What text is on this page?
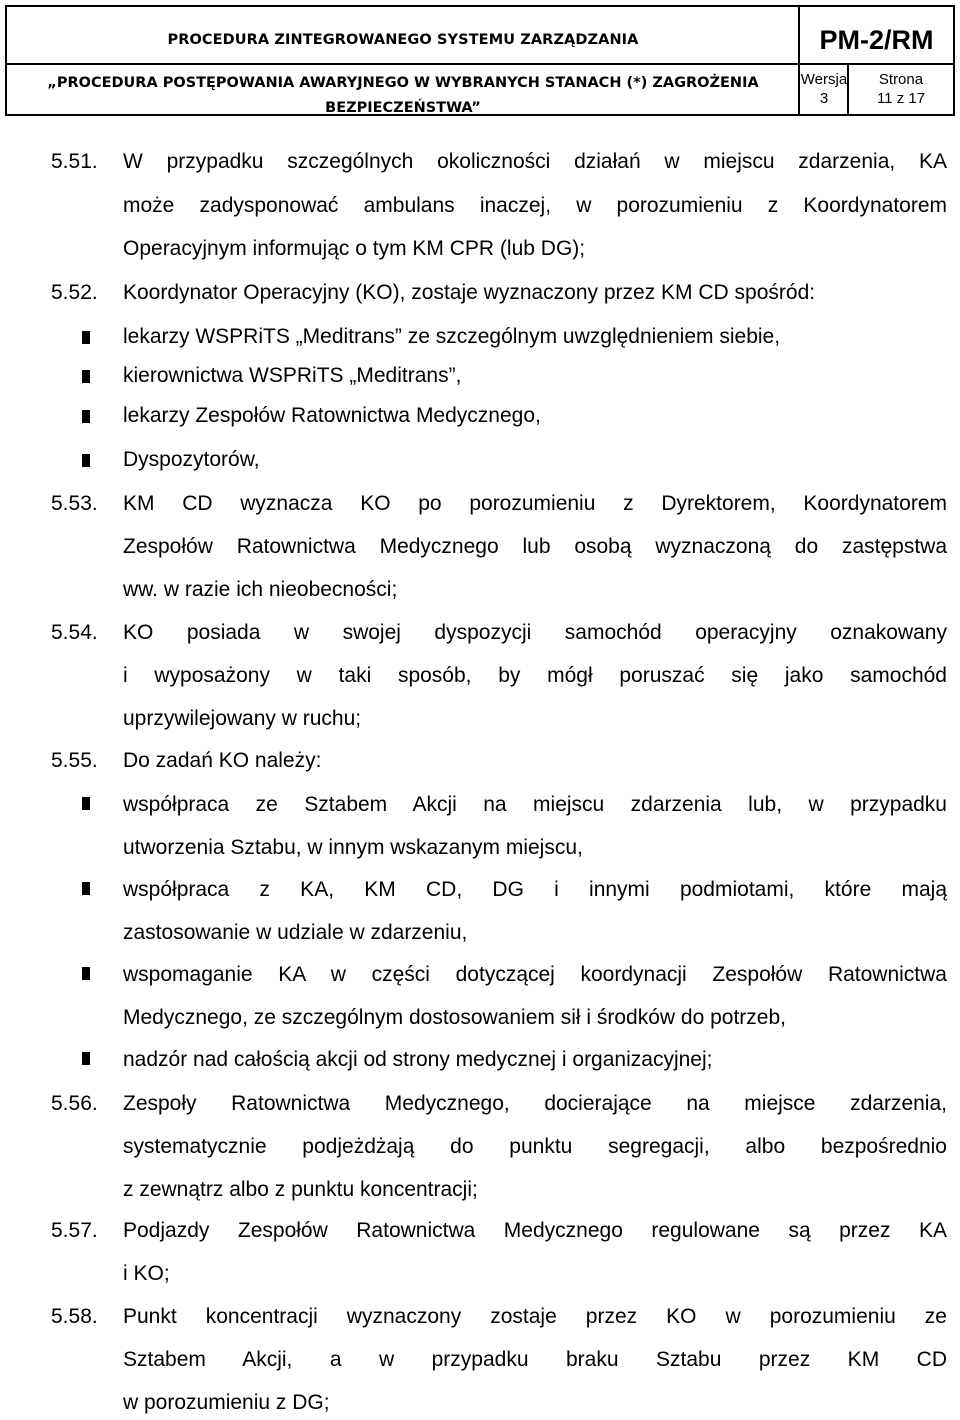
PROCEDURA ZINTEGROWANEGO SYSTEMU ZARZĄDZANIA	PM-2/RM
„PROCEDURA POSTĘPOWANIA AWARYJNEGO W WYBRANYCH STANACH (*) ZAGROŻENIA
BEZPIECZEŃSTWA”
Wersja
3
Strona
11 z 17
5.51. W przypadku szczególnych okoliczności działań w miejscu zdarzenia, KA
może zadysponować ambulans inaczej, w porozumieniu z Koordynatorem
Operacyjnym informując o tym KM CPR (lub DG);
5.52. Koordynator Operacyjny (KO), zostaje wyznaczony przez KM CD spośród:
lekarzy WSPRiTS „Meditrans” ze szczególnym uwzględnieniem siebie,
kierownictwa WSPRiTS „Meditrans”,
lekarzy Zespołów Ratownictwa Medycznego,
Dyspozytorów,
5.53. KM CD wyznacza KO po porozumieniu z Dyrektorem, Koordynatorem
Zespołów Ratownictwa Medycznego lub osobą wyznaczoną do zastępstwa
ww. w razie ich nieobecności;
5.54. KO posiada w swojej dyspozycji samochód operacyjny oznakowany
i wyposażony w taki sposób, by mógł poruszać się jako samochód
uprzywilejowany w ruchu;
5.55. Do zadań KO należy:
współpraca ze Sztabem Akcji na miejscu zdarzenia lub, w przypadku
utworzenia Sztabu, w innym wskazanym miejscu,
współpraca z KA, KM CD, DG i innymi podmiotami, które mają
zastosowanie w udziale w zdarzeniu,
wspomaganie KA w części dotyczącej koordynacji Zespołów Ratownictwa
Medycznego, ze szczególnym dostosowaniem sił i środków do potrzeb,
nadzór nad całością akcji od strony medycznej i organizacyjnej;
5.56. Zespoły Ratownictwa Medycznego, docierające na miejsce zdarzenia,
systematycznie podjeżdżają do punktu segregacji, albo bezpośrednio
z zewnątrz albo z punktu koncentracji;
5.57. Podjazdy Zespołów Ratownictwa Medycznego regulowane są przez KA
i KO;
5.58. Punkt koncentracji wyznaczony zostaje przez KO w porozumieniu ze
Sztabem Akcji, a w przypadku braku Sztabu przez KM CD
w porozumieniu z DG;
